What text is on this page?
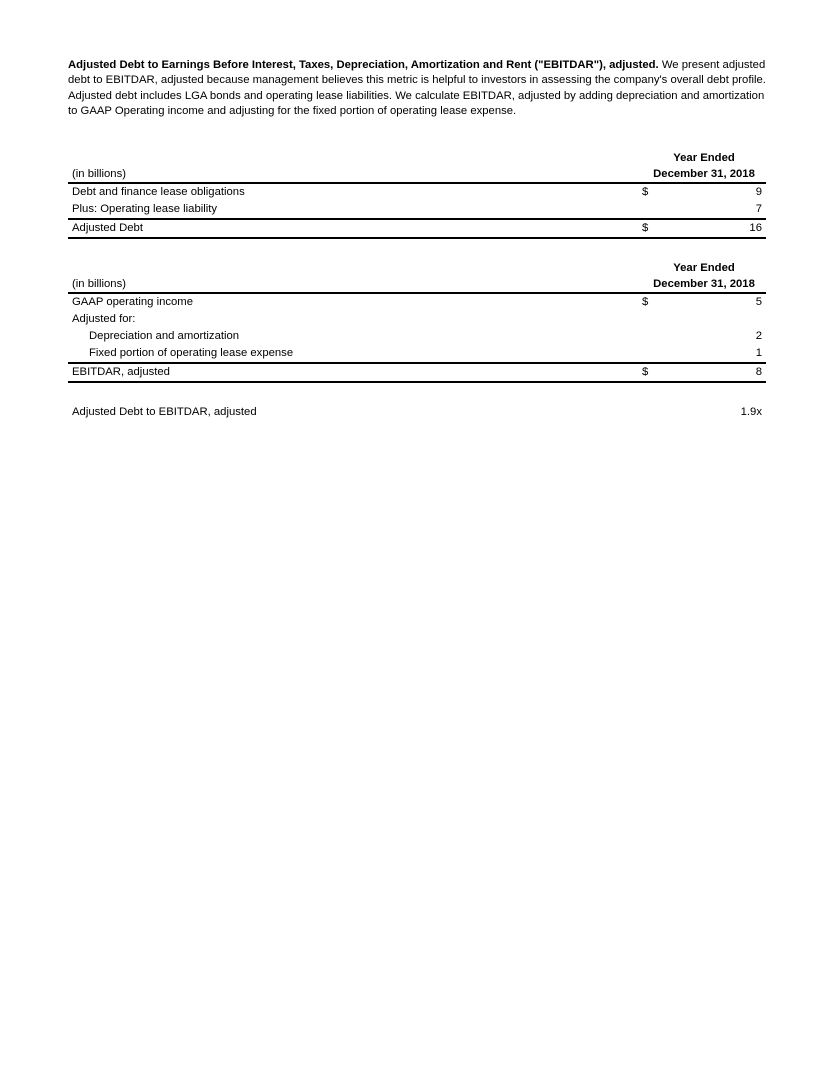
Adjusted Debt to Earnings Before Interest, Taxes, Depreciation, Amortization and Rent ("EBITDAR"), adjusted. We present adjusted debt to EBITDAR, adjusted because management believes this metric is helpful to investors in assessing the company's overall debt profile. Adjusted debt includes LGA bonds and operating lease liabilities. We calculate EBITDAR, adjusted by adding depreciation and amortization to GAAP Operating income and adjusting for the fixed portion of operating lease expense.

Year Ended
(in billions)	December 31, 2018
Debt and finance lease obligations	$	9
Plus: Operating lease liability	7
Adjusted Debt	$	16
Year Ended
(in billions)	December 31, 2018
GAAP operating income	$	5
Adjusted for:
Depreciation and amortization	2
Fixed portion of operating lease expense	1
EBITDAR, adjusted	$	8
Adjusted Debt to EBITDAR, adjusted	1.9x
